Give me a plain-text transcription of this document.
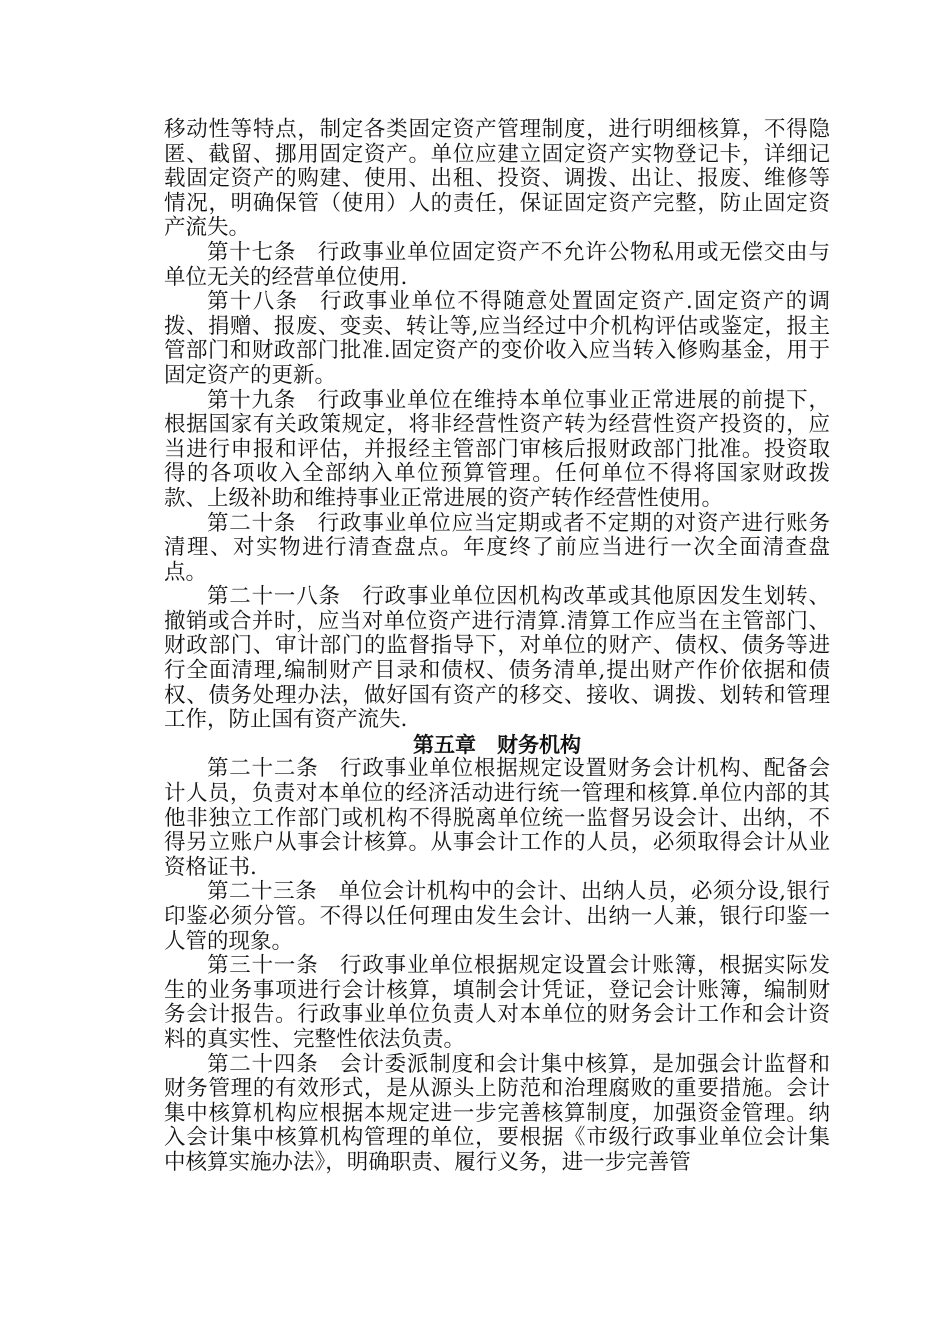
移动性等特点，制定各类固定资产管理制度，进行明细核算，不得隐匿、截留、挪用固定资产。单位应建立固定资产实物登记卡，详细记载固定资产的购建、使用、出租、投资、调拨、出让、报废、维修等情况，明确保管（使用）人的责任，保证固定资产完整，防止固定资产流失。

第十七条 行政事业单位固定资产不允许公物私用或无偿交由与单位无关的经营单位使用.

第十八条 行政事业单位不得随意处置固定资产.固定资产的调拨、捐赠、报废、变卖、转让等,应当经过中介机构评估或鉴定，报主管部门和财政部门批准.固定资产的变价收入应当转入修购基金，用于固定资产的更新。

第十九条 行政事业单位在维持本单位事业正常进展的前提下，根据国家有关政策规定，将非经营性资产转为经营性资产投资的，应当进行申报和评估，并报经主管部门审核后报财政部门批准。投资取得的各项收入全部纳入单位预算管理。任何单位不得将国家财政拨款、上级补助和维持事业正常进展的资产转作经营性使用。

第二十条 行政事业单位应当定期或者不定期的对资产进行账务清理、对实物进行清查盘点。年度终了前应当进行一次全面清查盘点。

第二十一八条 行政事业单位因机构改革或其他原因发生划转、撤销或合并时，应当对单位资产进行清算.清算工作应当在主管部门、财政部门、审计部门的监督指导下，对单位的财产、债权、债务等进行全面清理,编制财产目录和债权、债务清单,提出财产作价依据和债权、债务处理办法，做好国有资产的移交、接收、调拨、划转和管理工作，防止国有资产流失.

第五章　财务机构

第二十二条 行政事业单位根据规定设置财务会计机构、配备会计人员，负责对本单位的经济活动进行统一管理和核算.单位内部的其他非独立工作部门或机构不得脱离单位统一监督另设会计、出纳，不得另立账户从事会计核算。从事会计工作的人员，必须取得会计从业资格证书.

第二十三条 单位会计机构中的会计、出纳人员，必须分设,银行印鉴必须分管。不得以任何理由发生会计、出纳一人兼，银行印鉴一人管的现象。

第三十一条 行政事业单位根据规定设置会计账簿，根据实际发生的业务事项进行会计核算，填制会计凭证，登记会计账簿，编制财务会计报告。行政事业单位负责人对本单位的财务会计工作和会计资料的真实性、完整性依法负责。

第二十四条 会计委派制度和会计集中核算，是加强会计监督和财务管理的有效形式，是从源头上防范和治理腐败的重要措施。会计集中核算机构应根据本规定进一步完善核算制度，加强资金管理。纳入会计集中核算机构管理的单位，要根据《市级行政事业单位会计集中核算实施办法》，明确职责、履行义务，进一步完善管
